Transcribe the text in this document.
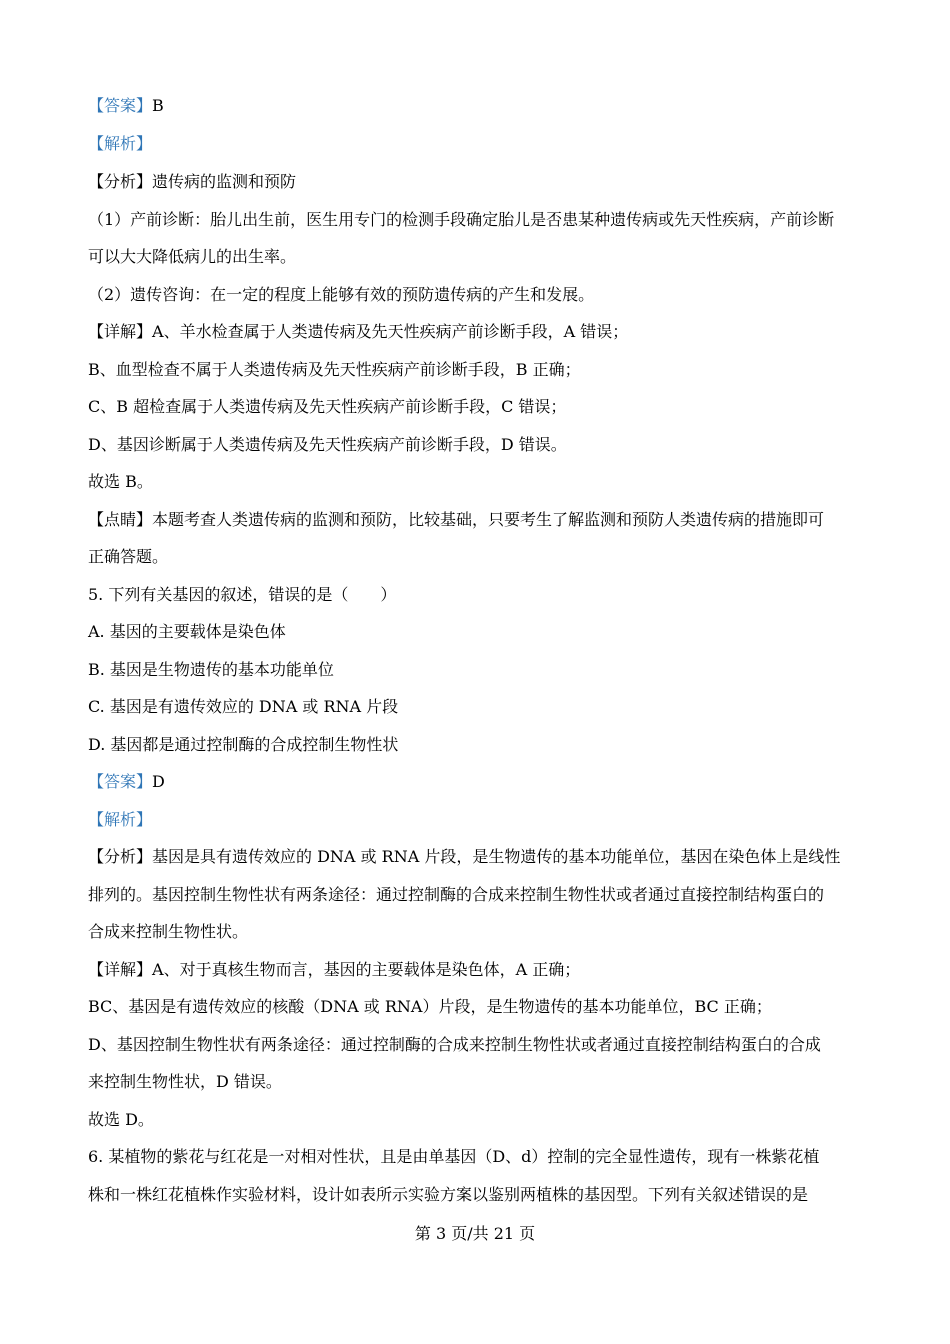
【答案】B
【解析】
【分析】遗传病的监测和预防
（1）产前诊断：胎儿出生前，医生用专门的检测手段确定胎儿是否患某种遗传病或先天性疾病，产前诊断
可以大大降低病儿的出生率。
（2）遗传咨询：在一定的程度上能够有效的预防遗传病的产生和发展。
【详解】A、羊水检查属于人类遗传病及先天性疾病产前诊断手段，A 错误；
B、血型检查不属于人类遗传病及先天性疾病产前诊断手段，B 正确；
C、B 超检查属于人类遗传病及先天性疾病产前诊断手段，C 错误；
D、基因诊断属于人类遗传病及先天性疾病产前诊断手段，D 错误。
故选 B。
【点睛】本题考查人类遗传病的监测和预防，比较基础，只要考生了解监测和预防人类遗传病的措施即可
正确答题。
5. 下列有关基因的叙述，错误的是（　　）
A. 基因的主要载体是染色体
B. 基因是生物遗传的基本功能单位
C. 基因是有遗传效应的 DNA 或 RNA 片段
D. 基因都是通过控制酶的合成控制生物性状
【答案】D
【解析】
【分析】基因是具有遗传效应的 DNA 或 RNA 片段，是生物遗传的基本功能单位，基因在染色体上是线性
排列的。基因控制生物性状有两条途径：通过控制酶的合成来控制生物性状或者通过直接控制结构蛋白的
合成来控制生物性状。
【详解】A、对于真核生物而言，基因的主要载体是染色体，A 正确；
BC、基因是有遗传效应的核酸（DNA 或 RNA）片段，是生物遗传的基本功能单位，BC 正确；
D、基因控制生物性状有两条途径：通过控制酶的合成来控制生物性状或者通过直接控制结构蛋白的合成
来控制生物性状，D 错误。
故选 D。
6. 某植物的紫花与红花是一对相对性状，且是由单基因（D、d）控制的完全显性遗传，现有一株紫花植
株和一株红花植株作实验材料，设计如表所示实验方案以鉴别两植株的基因型。下列有关叙述错误的是
第 3 页/共 21 页
